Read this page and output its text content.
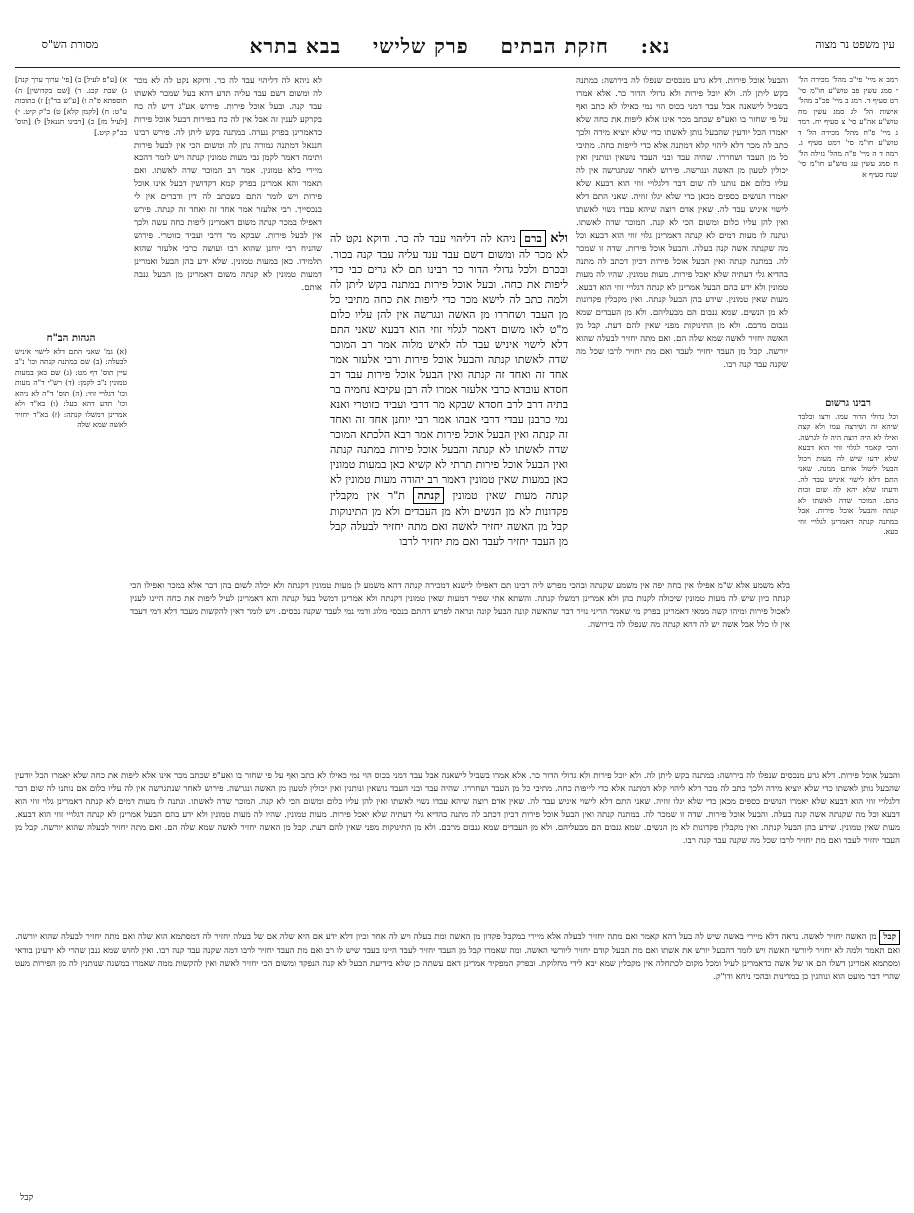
עין משפט נר מצוה
נא:    חזקת הבתים    פרק שלישי    בבא בתרא
מסורת הש"ס

רמב א מיי' פי"ב מהל' מכירה הל' י סמג עשין פב טוש"ע חו"מ סי' רט סעיף ד. רמג ב מיי' פכ"ב מהל' אישות הל' לג סמג עשין מח טוש"ע אה"ע סי' צ סעיף יח. רמד ג מיי' פ"ח מהל' מכירה הל' ד טוש"ע חו"מ סי' רמט סעיף ג. רמה ד ה מיי' פ"ה מהל' גזילה הל' ח סמג עשין עג טוש"ע חו"מ סי' שנח סעיף א

רבינו גרשום

וכל גדולי הדור עמו. ורצו ובלבד שיהא זה ושירצה עמו ולא קצה ואילו לא היה רוצה היה לו לגרשה. והכי קאמר לגלוי זוזי הוא דבעא שלא ידעו שיש לה מעות ויכול הבעל ליטול אותם ממנה. שאני התם דלא לישוי איניש עבד לה. ודעתו שלא יהא לה שום זכות בהם. המוכר שדה לאשתו לא קנתה והבעל אוכל פירות. אבל במתנה קנתה דאמרינן לגלויי זוזי בעא.

א) [ע"פ לעיל] ב) [פי' ערוך ערך קנה] ג) שבת קכג. ד) [שם בקדושין] ה) תוספתא פ"ה ו) [ע"ש בר"ן] ז) כתובות ע"ט: ח) [לקמן קלא] ט) ב"ק קיט. י) [לעיל מז] כ) [רבינו חננאל] ל) [תוס' בב"ק קיט.]

הגהות הב"ח

(א) גמ' שאני התם דלא לישוי איניש לבעלה: (ב) שם במתנה קנתה וכו' נ"ב עיין תוס' דף מט: (ג) שם כאן במעות טמונין נ"ב לקמן: (ד) רש"י ד"ה מעות וכו' דגלויי זוזי: (ה) תוס' ד"ה לא ניהא וכו' תדע דהא בעל: (ו) בא"ד ולא אמרינן דמשלו קנתה: (ז) בא"ד יחזיר לאשה שמא שלה

והבעל אוכל פירות. דלא גרע מנכסים שנפלו לה בירושה: במתנה בקש ליתן לה. ולא יוכל פירות ולא גדולי הדור כר. אלא אמרו בשביל לישאנה אבל עבד דמני בכוס הוי נמי כאילו לא כתב ואף על פי שחזר בו ואע"פ שכתב מכר אינו אלא ליפות את כחה שלא יאמרו הכל יודעין שהבעל נותן לאשתו כדי שלא יוציא מידה ולכך כתב לה מכר דלא ליהוי קלא דמתנה אלא כדי לייפות כחה. מתיבי כל מן העבד ושחררו. שהיה עבד ובני העבד נושאין ונותנין ואין יכולין לטעון מן האשה ונגרשה. פירוש לאחר שנתגרשה אין לה עליו כלום אם נותנו לה שום דבר דלגלויי זוזי הוא דבעא שלא יאמרו הנושים כספים מכאן כדי שלא יגלו זוזיה. שאני התם דלא לישוי איניש עבד לה. שאין אדם רוצה שיהא עבדו נשוי לאשתו ואין להן עליו כלום ומשום הכי לא קנה. המוכר שדה לאשתו. ונתנה לו מעות דמים לא קנתה דאמרינן גלוי זוזי הוא דבעא וכל מה שקנתה אשה קנה בעלה. והבעל אוכל פירות. שדה זו שמכר לה. במתנה קנתה ואין הבעל אוכל פירות דכיון דכתב לה מתנה בהדיא גלי דעתיה שלא יאכל פירות. מעות טמונין. שהיו לה מעות טמונין ולא ידע בהם הבעל אמרינן לא קנתה דגלויי זוזי הוא דבעא. מעות שאין טמונין. שידע בהן הבעל קנתה. ואין מקבלין פקדונות לא מן הנשים. שמא גנבום הם מבעליהם. ולא מן העבדים שמא גנבום מרבם. ולא מן התינוקות מפני שאין להם דעת. קבל מן האשה יחזיר לאשה שמא שלה הם. ואם מתה יחזיר לבעלה שהוא יורשה. קבל מן העבד יחזיר לעבד ואם מת יחזיר לרבו שכל מה שקנה עבד קנה רבו.

לא ניהא לה דליהוי עבד לה כר. ודוקא נקט לה לא מכר לה ומשום דשם עבד עליה תדע דהא בעל שמכר לאשתו עבד קנה. ובעל אוכל פירות. פירוש אע"ג דיש לה כח בקרקע לענין זה אבל אין לה כח בפירות דבעל אוכל פירות כדאמרינן בפרק נערה. במתנה בקש ליתן לה. פירש רבינו חננאל דמתנה גמורה נתן לה ומשום הכי אין לבעל פירות ותימה דאמר לקמן גבי מעות טמונין קנתה ויש לומר דהכא מיירי בלא טמונין. אמר רב המוכר שדה לאשתו. ואם תאמר והא אמרינן בפרק קמא דקדושין דבעל אינו אוכל פירות ויש לומר התם כשכתב לה דין ודברים אין לי בנכסייך. רבי אלעזר אמר אחד זה ואחד זה קנתה. פירש דאפילו במכר קנתה משום דאמרינן ליפות כחה עשה ולכך אין לבעל פירות. שבקא מר דרבי ועביד כזוטרי. פירוש שהניח רבי יוחנן שהוא רבו ועושה כרבי אלעזר שהוא תלמידו. כאן במעות טמונין. שלא ידע בהן הבעל ואמרינן דמעות טמונין לא קנתה משום דאמרינן מן הבעל גנבה אותם.

ולא ברם ניהא לה דליהוי עבד לה כר. ודוקא נקט לה לא מכר לה ומשום דשם עבד ענד עליה עבד קנה בכור. ובכרם ולכל גדולי הדור כר רבינו תם לא גרים כבי כדי ליפות את כחה. ובעל אוכל פירות במתנה בקש ליתן לה ולמה כתב לה לישא מכר כדי ליפות את כחה מתיבי כל מן העבד ושחררו מן האשה ונגרשה אין להן עליו כלום מ"ט לאו משום דאמר לגלוי זוזי הוא דבעא שאני התם דלא לישוי איניש עבד לה לאיש מלוה אמר רב המוכר שדה לאשתו קנתה והבעל אוכל פירות ורבי אלעזר אמר אחד זה ואחד זה קנתה ואין הבעל אוכל פירות עבד רב חסדא עובדא כרבי אלעזר אמרו לה רבן עקיבא נחמיה בר בתיה דרב לרב חסדא שבקא מר דרבי ועביד כזוטרי ואנא נמי כרבנן עבדי דרבי אבהו אמר רבי יוחנן אחד זה ואחד זה קנתה ואין הבעל אוכל פירות אמר רבא הלכתא המוכר שדה לאשתו לא קנתה והבעל אוכל פירות במתנה קנתה ואין הבעל אוכל פירות תרתי לא קשיא כאן במעות טמונין כאן במעות שאין טמונין דאמר רב יהודה מעות טמונין לא קנתה מעות שאין טמונין קנתה ת"ר אין מקבלין פקדונות לא מן הנשים ולא מן העבדים ולא מן התינוקות קבל מן האשה יחזיר לאשה ואם מתה יחזיר לבעלה קבל מן העבד יחזיר לעבד ואם מת יחזיר לרבו

בלא משמע אלא ש"מ אפילו אין כחה יפה אין משמע שקנתה ובהכי מפרש ליה רבינו תם דאפילו לישנא דמכירה קנתה דהא משמע לן מעות טמונין דקנתה ולא יכלה לשום בהן דבר אלא במכר ואפילו הכי קנתה כיון שיש לה מעות טמונין שיכולה לקנות בהן ולא אמרינן דמשלו קנתה. והשתא אתי שפיר דמעות שאין טמונין דקנתה ולא אמרינן דמשל בעל קנתה והא דאמרינן לעיל ליפות את כחה היינו לענין לאכול פירות ומיהו קשה ממאי דאמרינן בפרק מי שאמר הריני נזיר דבר שהאשה קונה הבעל קונה ונראה לפרש דהתם בנכסי מלוג ודמי נמי לעבד שקנה נכסים. ויש לומר דאין להקשות מעבד דלא דמי דעבד אין לו כלל אבל אשה יש לה דהא קנתה מה שנפלו לה בירושה.

והבעל אוכל פירות. דלא גרע מנכסים שנפלו לה בירושה: במתנה בקש ליתן לה. ולא יוכל פירות ולא גדולי הדור כר. אלא אמרו בשביל לישאנה אבל עבד דמני בכוס הוי נמי כאילו לא כתב ואף על פי שחזר בו ואע"פ שכתב מכר אינו אלא ליפות את כחה שלא יאמרו הכל יודעין שהבעל נותן לאשתו כדי שלא יוציא מידה ולכך כתב לה מכר דלא ליהוי קלא דמתנה אלא כדי לייפות כחה. מתיבי כל מן העבד ושחררו. שהיה עבד ובני העבד נושאין ונותנין ואין יכולין לטעון מן האשה ונגרשה. פירוש לאחר שנתגרשה אין לה עליו כלום אם נותנו לה שום דבר דלגלויי זוזי הוא דבעא שלא יאמרו הנושים כספים מכאן כדי שלא יגלו זוזיה. שאני התם דלא לישוי איניש עבד לה. שאין אדם רוצה שיהא עבדו נשוי לאשתו ואין להן עליו כלום ומשום הכי לא קנה. המוכר שדה לאשתו. ונתנה לו מעות דמים לא קנתה דאמרינן גלוי זוזי הוא דבעא וכל מה שקנתה אשה קנה בעלה. והבעל אוכל פירות. שדה זו שמכר לה. במתנה קנתה ואין הבעל אוכל פירות דכיון דכתב לה מתנה בהדיא גלי דעתיה שלא יאכל פירות. מעות טמונין. שהיו לה מעות טמונין ולא ידע בהם הבעל אמרינן לא קנתה דגלויי זוזי הוא דבעא. מעות שאין טמונין. שידע בהן הבעל קנתה. ואין מקבלין פקדונות לא מן הנשים. שמא גנבום הם מבעליהם. ולא מן העבדים שמא גנבום מרבם. ולא מן התינוקות מפני שאין להם דעת. קבל מן האשה יחזיר לאשה שמא שלה הם. ואם מתה יחזיר לבעלה שהוא יורשה. קבל מן העבד יחזיר לעבד ואם מת יחזיר לרבו שכל מה שקנה עבד קנה רבו.

קבל מן האשה יחזיר לאשה. נראה דלא מיירי באשה שיש לה בעל דהא קאמר ואם מתה יחזיר לבעלה אלא מיירי במקבל פקדון מן האשה ומת בעלה ויש לה אחר וכיון דלא ידע אם היא שלה אם של בעלה יחזיר לה דמסתמא הוא שלה ואם מתה יחזיר לבעלה שהוא יורשה. ואם תאמר ולמה לא יחזיר ליורשי האשה ויש לומר דהבעל יורש את אשתו ואם מת הבעל קודם יחזיר ליורשי האשה. ומה שאמרו קבל מן העבד יחזיר לעבד היינו בעבד שיש לו רב ואם מת העבד יחזיר לרבו דמה שקנה עבד קנה רבו. ואין לחוש שמא גנבן שהרי לא ידעינן בודאי ומסתמא אמרינן דשלו הם או של אשה כדאמרינן לעיל ומכל מקום לכתחלה אין מקבלין שמא יבא לידי מחלוקת. ובפרק המפקיד אמרינן דאם עשתה כן שלא בידיעת הבעל לא קנה הנפקד ומשום הכי יחזיר לאשה ואין להקשות ממה שאמרו במשנה שנותנין לה מן הפירות מעט שהרי דבר מועט הוא ונוהגין כן במדינות ובהכי ניחא ודו"ק.

קבל
